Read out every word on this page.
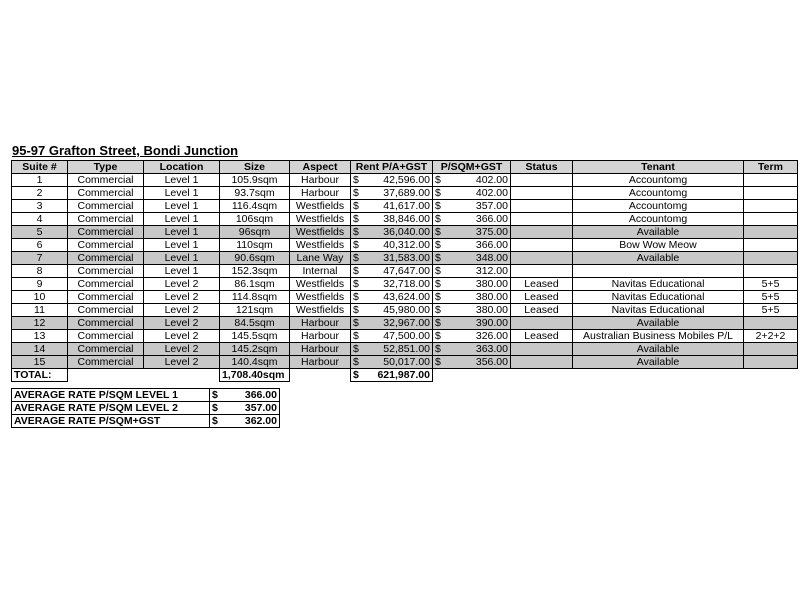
95-97 Grafton Street, Bondi Junction
Suite #	Type	Location	Size	Aspect	Rent P/A+GST	P/SQM+GST	Status	Tenant	Term
1	Commercial	Level 1	105.9sqm	Harbour	$ 42,596.00	$ 402.00		Accountomg	
2	Commercial	Level 1	93.7sqm	Harbour	$ 37,689.00	$ 402.00		Accountomg	
3	Commercial	Level 1	116.4sqm	Westfields	$ 41,617.00	$ 357.00		Accountomg	
4	Commercial	Level 1	106sqm	Westfields	$ 38,846.00	$ 366.00		Accountomg	
5	Commercial	Level 1	96sqm	Westfields	$ 36,040.00	$ 375.00		Available	
6	Commercial	Level 1	110sqm	Westfields	$ 40,312.00	$ 366.00		Bow Wow Meow	
7	Commercial	Level 1	90.6sqm	Lane Way	$ 31,583.00	$ 348.00		Available	
8	Commercial	Level 1	152.3sqm	Internal	$ 47,647.00	$ 312.00			

9	Commercial	Level 2	86.1sqm	Westfields	$ 32,718.00	$ 380.00	Leased	Navitas Educational	5+5
10	Commercial	Level 2	114.8sqm	Westfields	$ 43,624.00	$ 380.00	Leased	Navitas Educational	5+5
11	Commercial	Level 2	121sqm	Westfields	$ 45,980.00	$ 380.00	Leased	Navitas Educational	5+5
12	Commercial	Level 2	84.5sqm	Harbour	$ 32,967.00	$ 390.00		Available	
13	Commercial	Level 2	145.5sqm	Harbour	$ 47,500.00	$ 326.00	Leased	Australian Business Mobiles P/L	2+2+2
14	Commercial	Level 2	145.2sqm	Harbour	$ 52,851.00	$ 363.00		Available	
15	Commercial	Level 2	140.4sqm	Harbour	$ 50,017.00	$ 356.00		Available	
TOTAL:			1,708.40sqm		$ 621,987.00				

AVERAGE RATE P/SQM LEVEL 1	$ 366.00

AVERAGE RATE P/SQM LEVEL 2	$ 357.00

AVERAGE RATE P/SQM+GST	$ 362.00
